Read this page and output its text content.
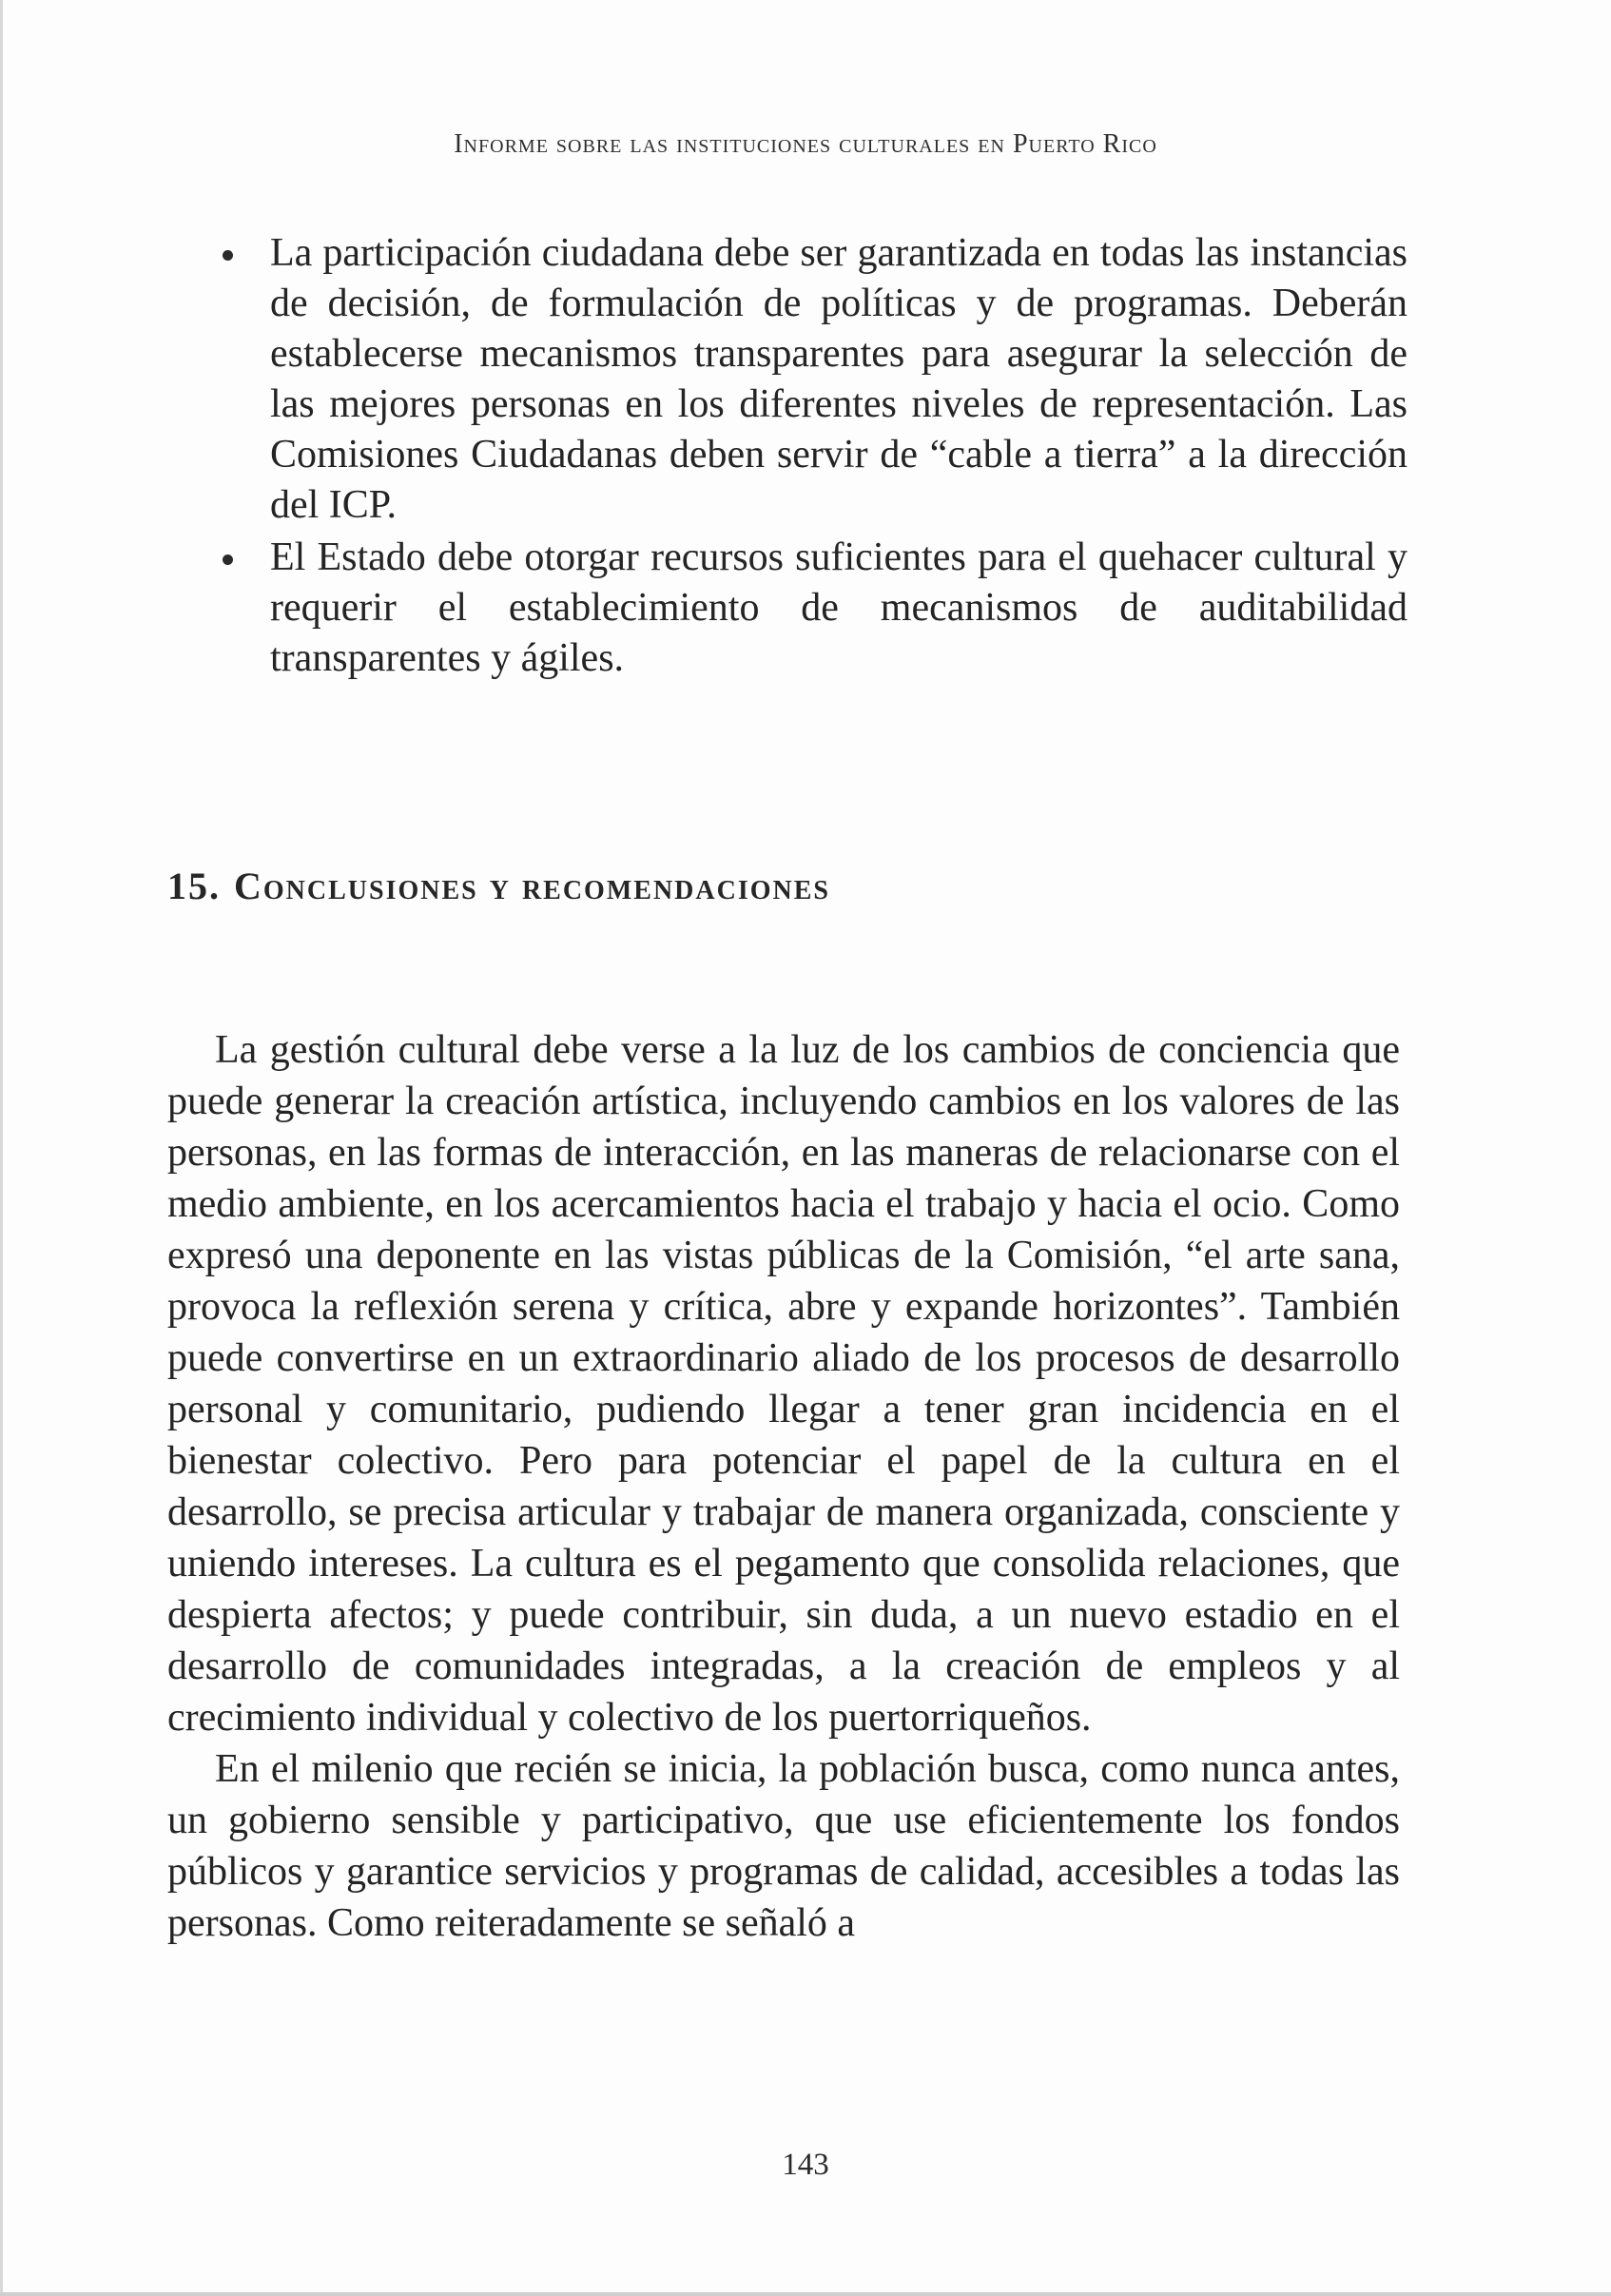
Informe sobre las instituciones culturales en Puerto Rico
La participación ciudadana debe ser garantizada en todas las instancias de decisión, de formulación de políticas y de programas. Deberán establecerse mecanismos transparentes para asegurar la selección de las mejores personas en los diferentes niveles de representación. Las Comisiones Ciudadanas deben servir de “cable a tierra” a la dirección del ICP.
El Estado debe otorgar recursos suficientes para el quehacer cultural y requerir el establecimiento de mecanismos de auditabilidad transparentes y ágiles.
15. Conclusiones y recomendaciones

La gestión cultural debe verse a la luz de los cambios de conciencia que puede generar la creación artística, incluyendo cambios en los valores de las personas, en las formas de interacción, en las maneras de relacionarse con el medio ambiente, en los acercamientos hacia el trabajo y hacia el ocio. Como expresó una deponente en las vistas públicas de la Comisión, “el arte sana, provoca la reflexión serena y crítica, abre y expande horizontes”. También puede convertirse en un extraordinario aliado de los procesos de desarrollo personal y comunitario, pudiendo llegar a tener gran incidencia en el bienestar colectivo. Pero para potenciar el papel de la cultura en el desarrollo, se precisa articular y trabajar de manera organizada, consciente y uniendo intereses. La cultura es el pegamento que consolida relaciones, que despierta afectos; y puede contribuir, sin duda, a un nuevo estadio en el desarrollo de comunidades integradas, a la creación de empleos y al crecimiento individual y colectivo de los puertorriqueños.

En el milenio que recién se inicia, la población busca, como nunca antes, un gobierno sensible y participativo, que use eficientemente los fondos públicos y garantice servicios y programas de calidad, accesibles a todas las personas. Como reiteradamente se señaló a

143
